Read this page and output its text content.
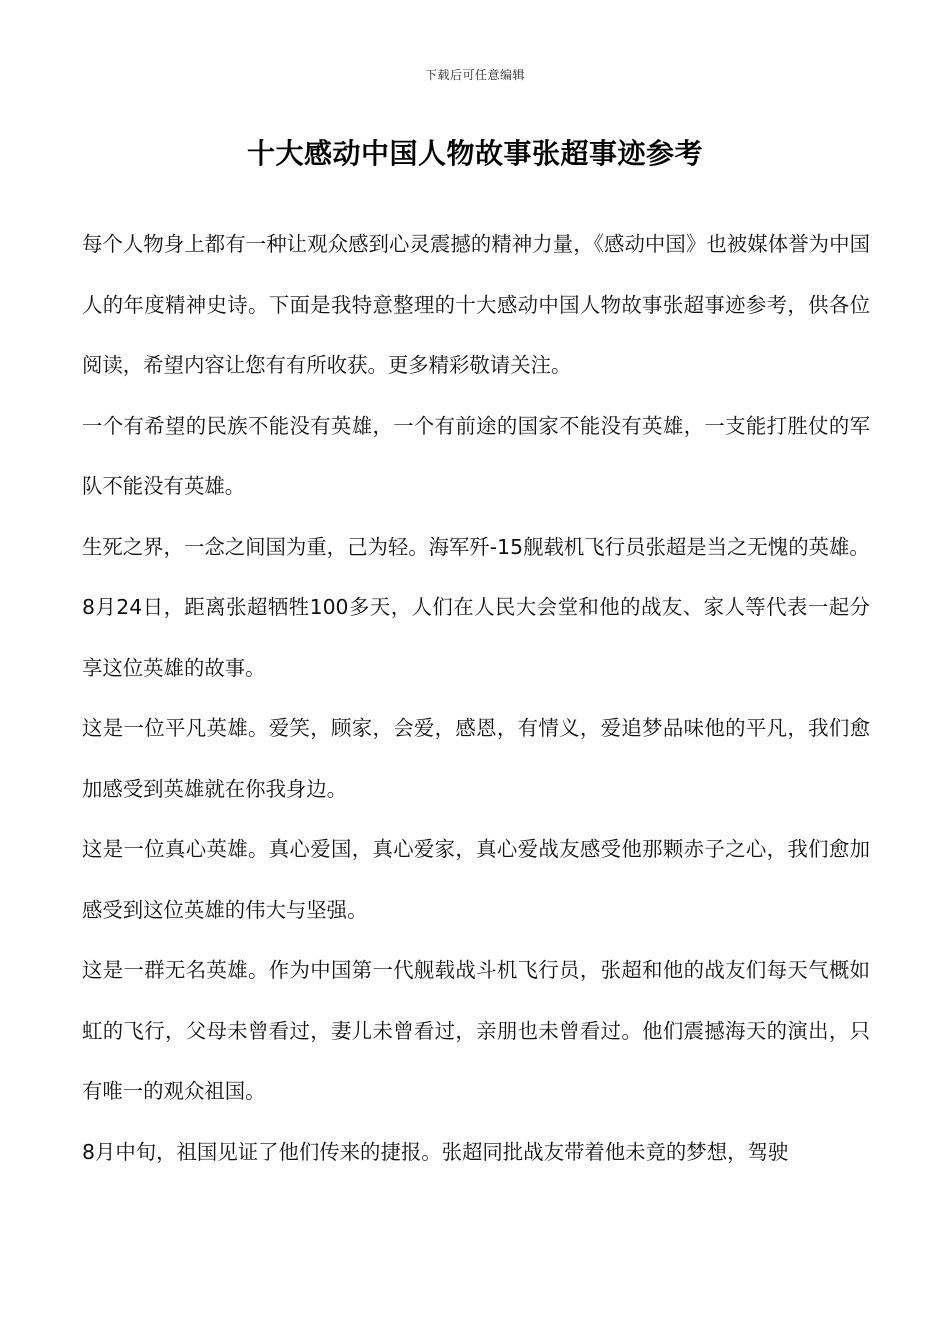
下载后可任意编辑
十大感动中国人物故事张超事迹参考

每个人物身上都有一种让观众感到心灵震撼的精神力量，《感动中国》也被媒体誉为中国人的年度精神史诗。下面是我特意整理的十大感动中国人物故事张超事迹参考，供各位阅读，希望内容让您有有所收获。更多精彩敬请关注。

一个有希望的民族不能没有英雄，一个有前途的国家不能没有英雄，一支能打胜仗的军队不能没有英雄。

生死之界，一念之间国为重，己为轻。海军歼-15舰载机飞行员张超是当之无愧的英雄。

8月24日，距离张超牺牲100多天，人们在人民大会堂和他的战友、家人等代表一起分享这位英雄的故事。

这是一位平凡英雄。爱笑，顾家，会爱，感恩，有情义，爱追梦品味他的平凡，我们愈加感受到英雄就在你我身边。

这是一位真心英雄。真心爱国，真心爱家，真心爱战友感受他那颗赤子之心，我们愈加感受到这位英雄的伟大与坚强。

这是一群无名英雄。作为中国第一代舰载战斗机飞行员，张超和他的战友们每天气概如虹的飞行，父母未曾看过，妻儿未曾看过，亲朋也未曾看过。他们震撼海天的演出，只有唯一的观众祖国。

8月中旬，祖国见证了他们传来的捷报。张超同批战友带着他未竟的梦想，驾驶
